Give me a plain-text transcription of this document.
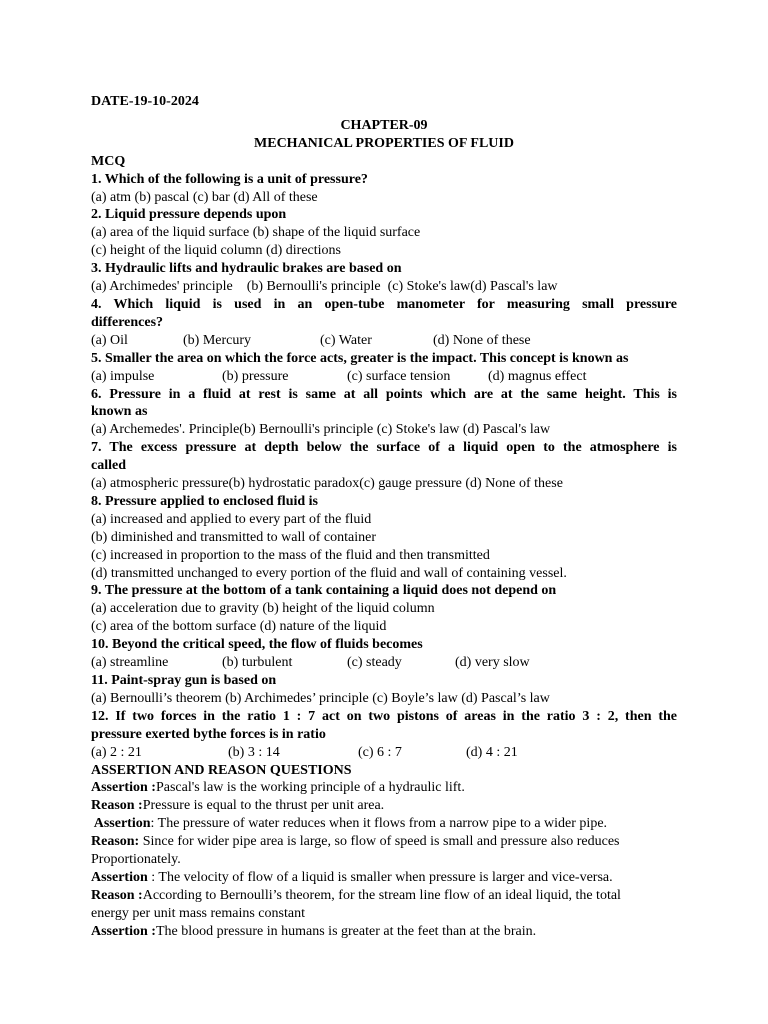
DATE-19-10-2024
CHAPTER-09
MECHANICAL PROPERTIES OF FLUID
MCQ
1. Which of the following is a unit of pressure?
(a) atm (b) pascal (c) bar (d) All of these
2. Liquid pressure depends upon
(a) area of the liquid surface (b) shape of the liquid surface
(c) height of the liquid column (d) directions
3. Hydraulic lifts and hydraulic brakes are based on
(a) Archimedes' principle    (b) Bernoulli's principle  (c) Stoke's law(d) Pascal's law
4. Which liquid is used in an open-tube manometer for measuring small pressure
differences?
(a) Oil	(b) Mercury	(c) Water	(d) None of these
5. Smaller the area on which the force acts, greater is the impact. This concept is known as
(a) impulse	(b) pressure	(c) surface tension	(d) magnus effect
6. Pressure in a fluid at rest is same at all points which are at the same height. This is
known as
(a) Archemedes'. Principle(b) Bernoulli's principle (c) Stoke's law (d) Pascal's law
7. The excess pressure at depth below the surface of a liquid open to the atmosphere is
called
(a) atmospheric pressure(b) hydrostatic paradox(c) gauge pressure (d) None of these
8. Pressure applied to enclosed fluid is
(a) increased and applied to every part of the fluid
(b) diminished and transmitted to wall of container
(c) increased in proportion to the mass of the fluid and then transmitted
(d) transmitted unchanged to every portion of the fluid and wall of containing vessel.
9. The pressure at the bottom of a tank containing a liquid does not depend on
(a) acceleration due to gravity (b) height of the liquid column
(c) area of the bottom surface (d) nature of the liquid
10. Beyond the critical speed, the flow of fluids becomes
(a) streamline	(b) turbulent	(c) steady	(d) very slow
11. Paint-spray gun is based on
(a) Bernoulli’s theorem (b) Archimedes’ principle (c) Boyle’s law (d) Pascal’s law
12. If two forces in the ratio 1 : 7 act on two pistons of areas in the ratio 3 : 2, then the
pressure exerted bythe forces is in ratio
(a) 2 : 21	(b) 3 : 14	(c) 6 : 7	(d) 4 : 21
ASSERTION AND REASON QUESTIONS
Assertion :Pascal's law is the working principle of a hydraulic lift.
Reason :Pressure is equal to the thrust per unit area.
Assertion: The pressure of water reduces when it flows from a narrow pipe to a wider pipe.
Reason: Since for wider pipe area is large, so flow of speed is small and pressure also reduces
Proportionately.
Assertion : The velocity of flow of a liquid is smaller when pressure is larger and vice-versa.
Reason :According to Bernoulli’s theorem, for the stream line flow of an ideal liquid, the total
energy per unit mass remains constant
Assertion :The blood pressure in humans is greater at the feet than at the brain.
